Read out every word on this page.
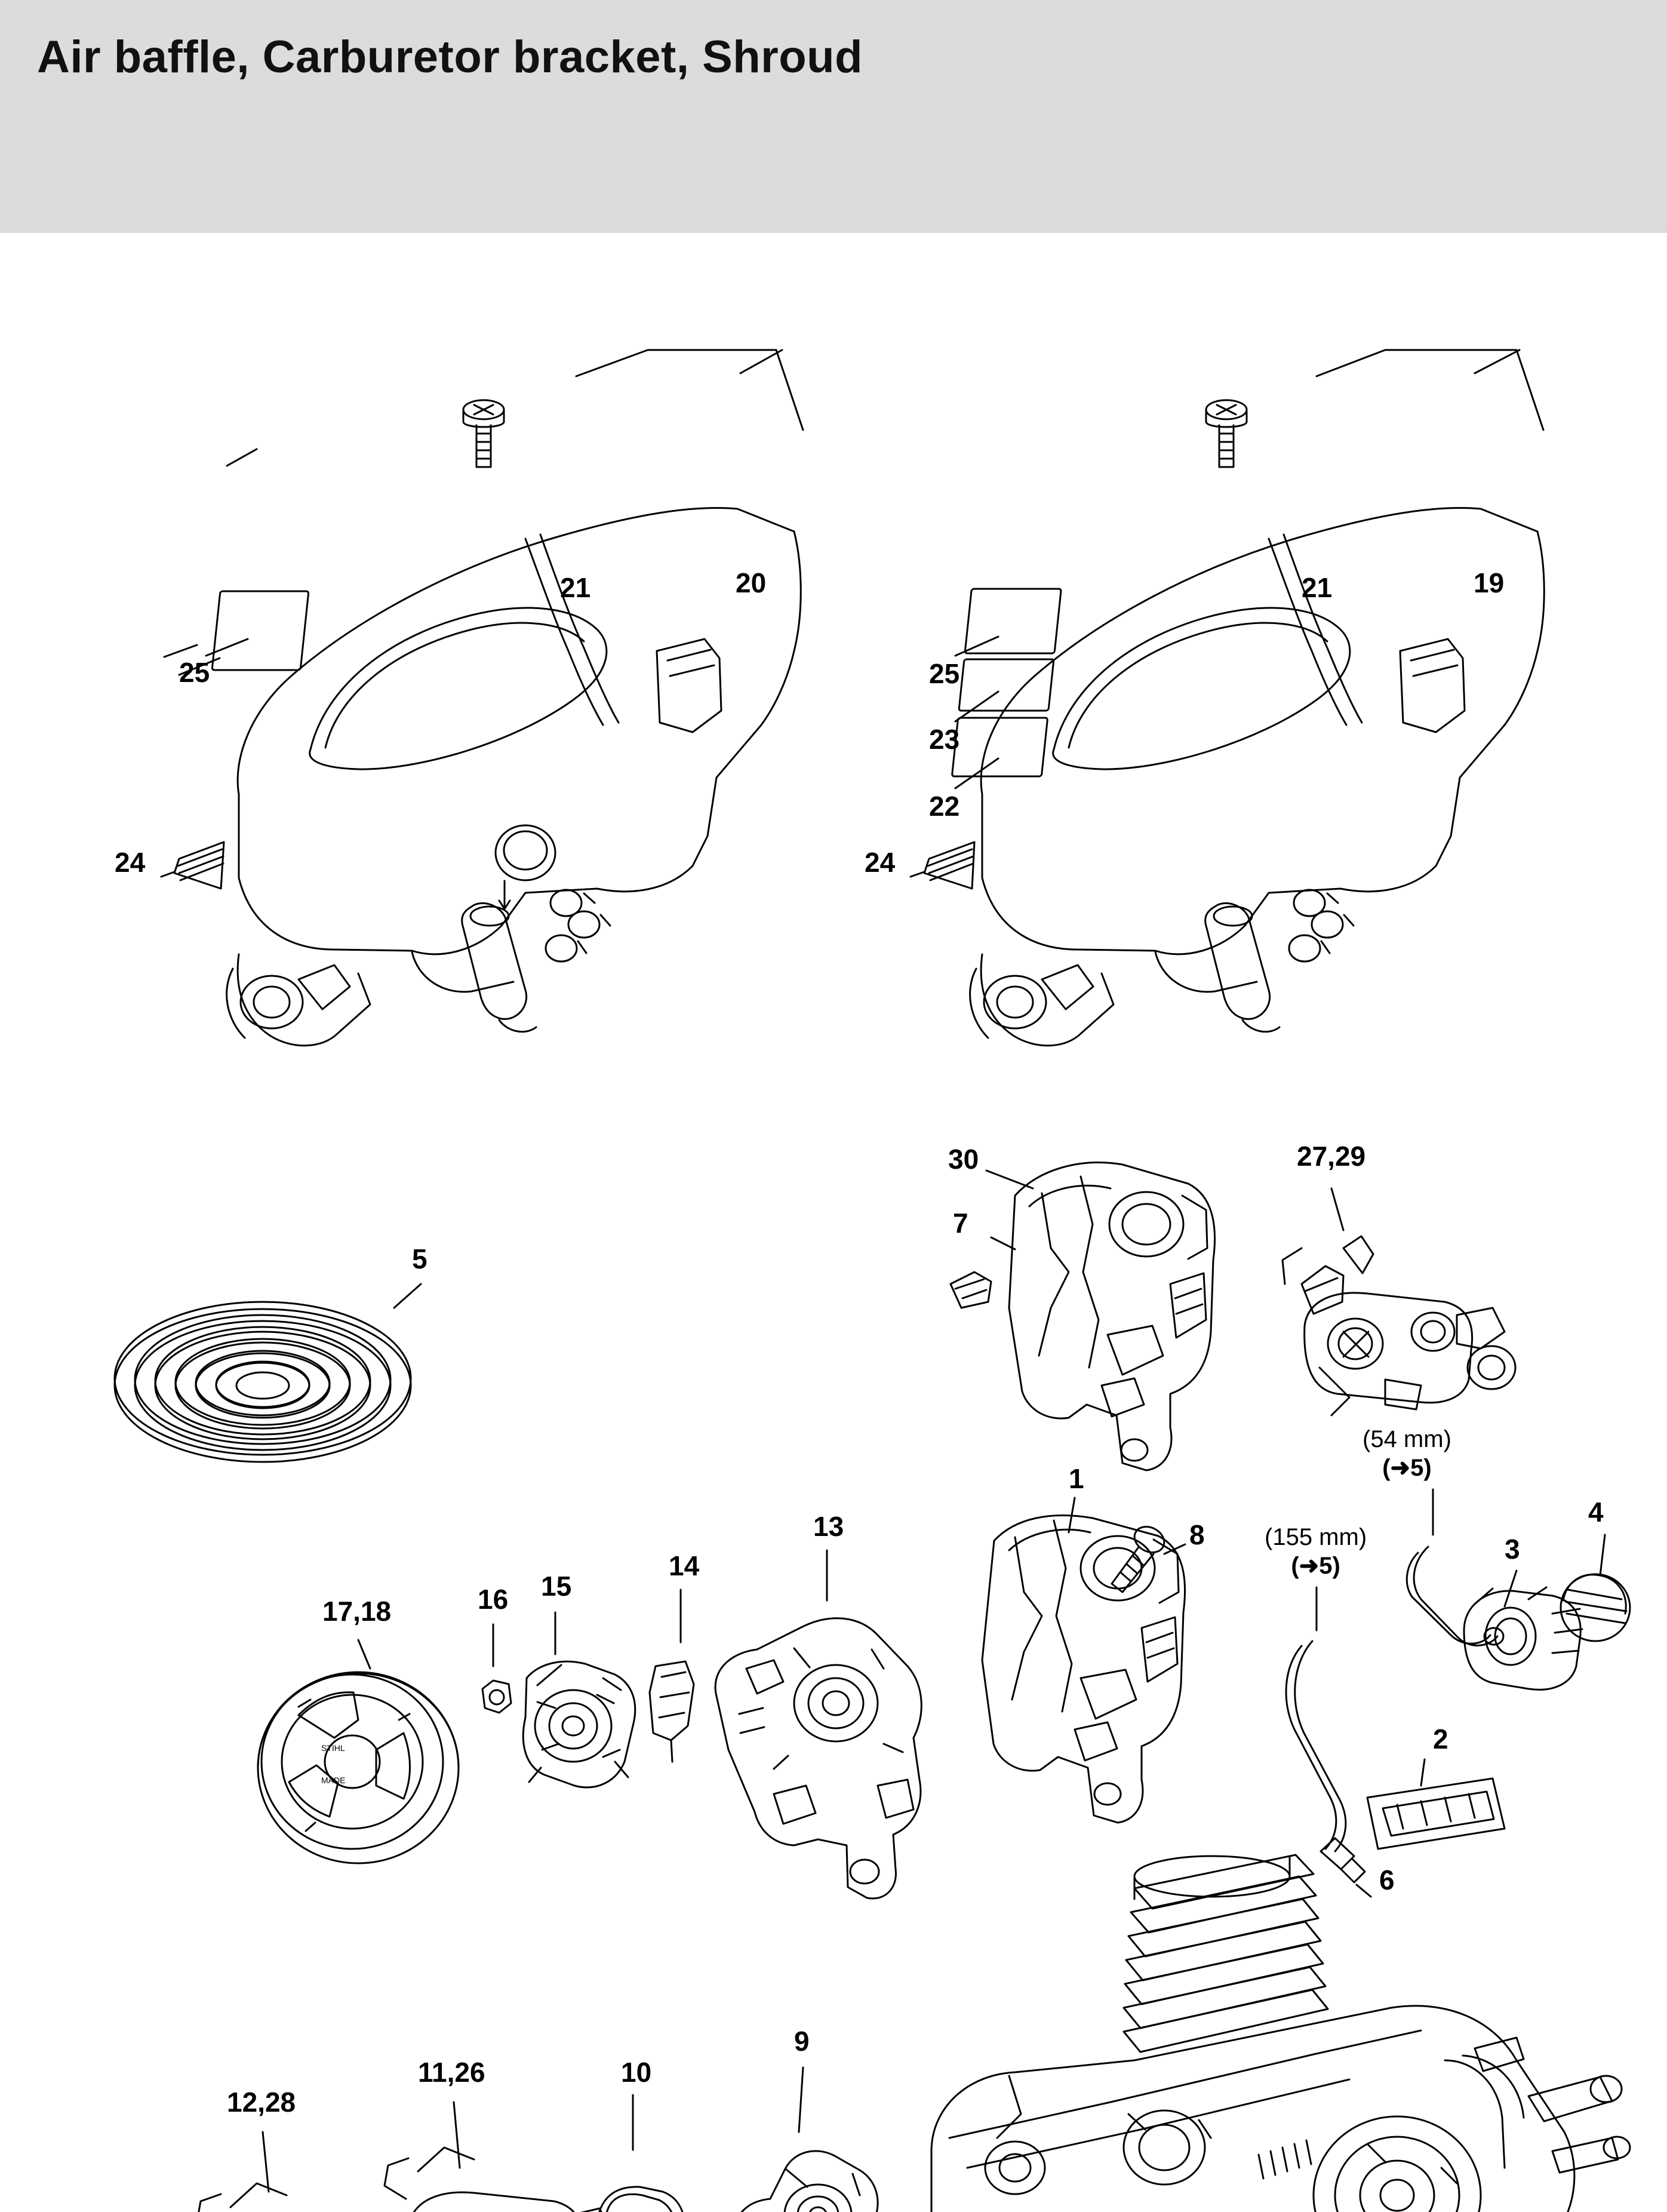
Air baffle, Carburetor bracket, Shroud
STIHL
MADE
21	20
25
24
21	19
25
23
22
24
30
7
27,29
5
1
8
4
3
2
6
13
14
15
16
17,18
9
10
11,26
12,28
(54 mm)
(➜5)
(155 mm)
(➜5)
